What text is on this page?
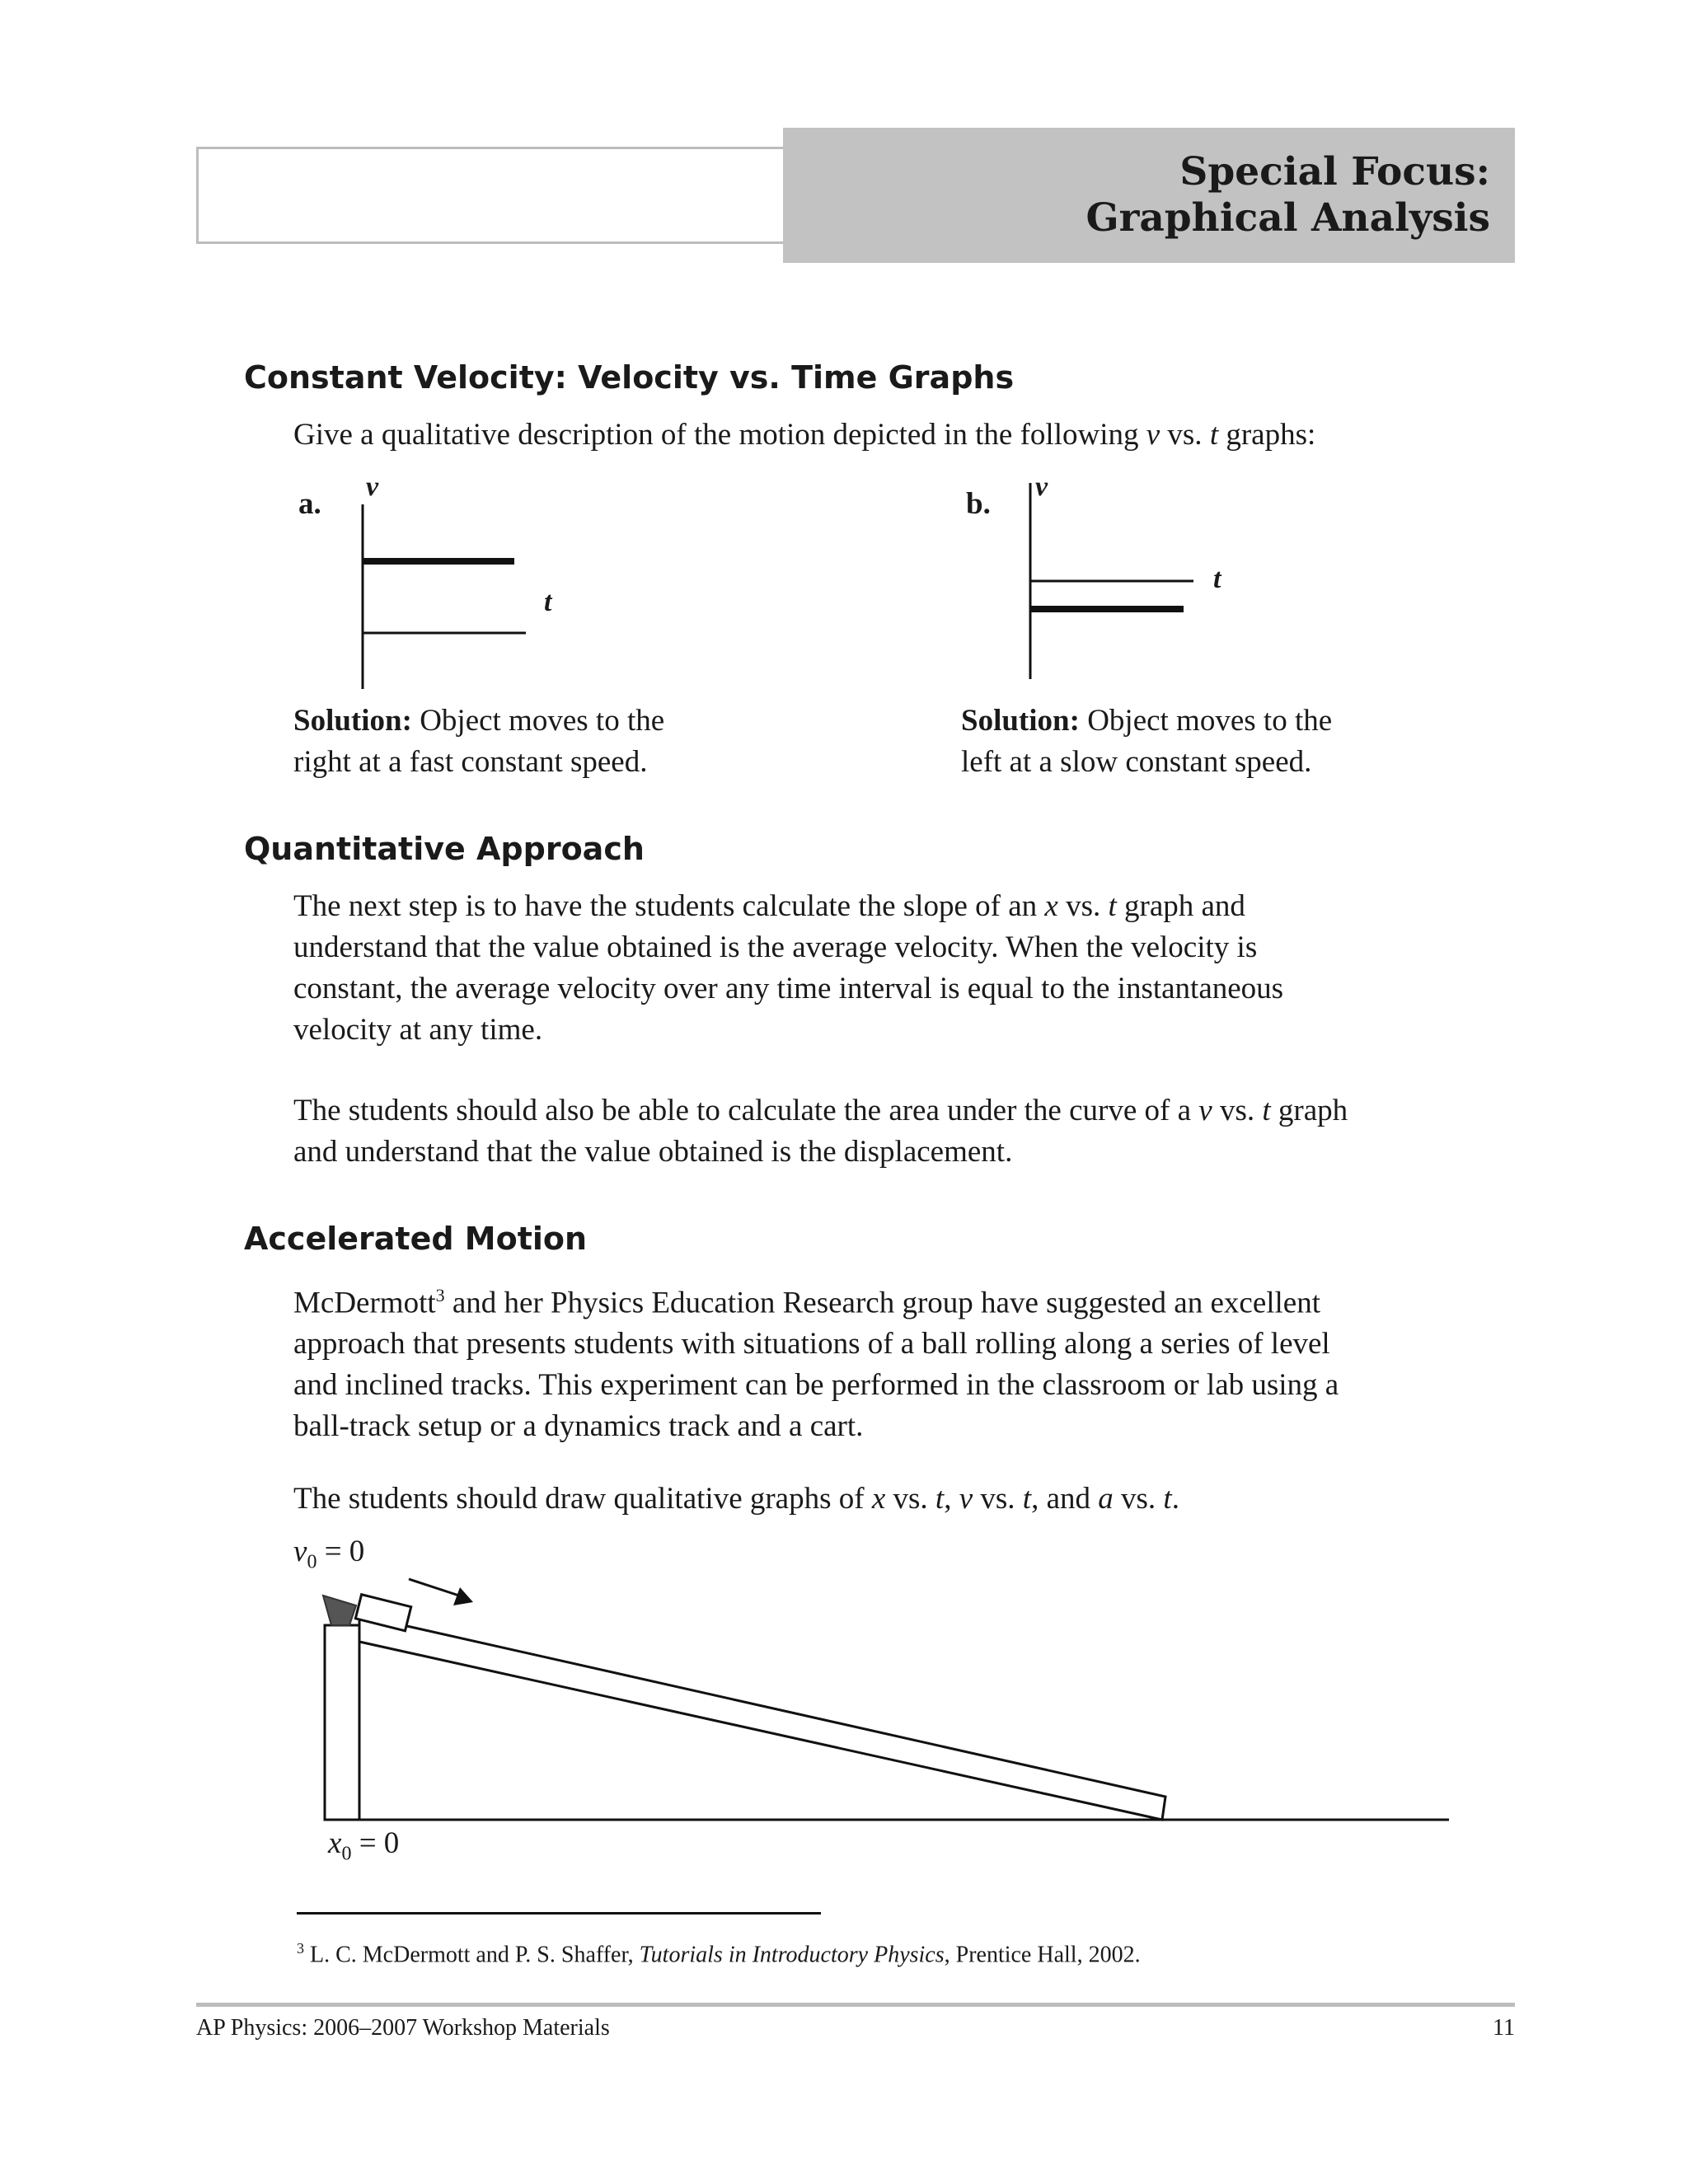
Special Focus:
Graphical Analysis
Constant Velocity: Velocity vs. Time Graphs

Give a qualitative description of the motion depicted in the following v vs. t graphs:

a.
v
t

Solution: Object moves to the
right at a fast constant speed.

b.
v
t

Solution: Object moves to the
left at a slow constant speed.

Quantitative Approach

The next step is to have the students calculate the slope of an x vs. t graph and
understand that the value obtained is the average velocity. When the velocity is
constant, the average velocity over any time interval is equal to the instantaneous
velocity at any time.

The students should also be able to calculate the area under the curve of a v vs. t graph
and understand that the value obtained is the displacement.

Accelerated Motion

McDermott$^3$ and her Physics Education Research group have suggested an excellent
approach that presents students with situations of a ball rolling along a series of level
and inclined tracks. This experiment can be performed in the classroom or lab using a
ball-track setup or a dynamics track and a cart.

The students should draw qualitative graphs of x vs. t, v vs. t, and a vs. t.

$v_0 = 0$
$x_0 = 0$

$^3$ L. C. McDermott and P. S. Shaffer, Tutorials in Introductory Physics, Prentice Hall, 2002.

AP Physics: 2006–2007 Workshop Materials	11
